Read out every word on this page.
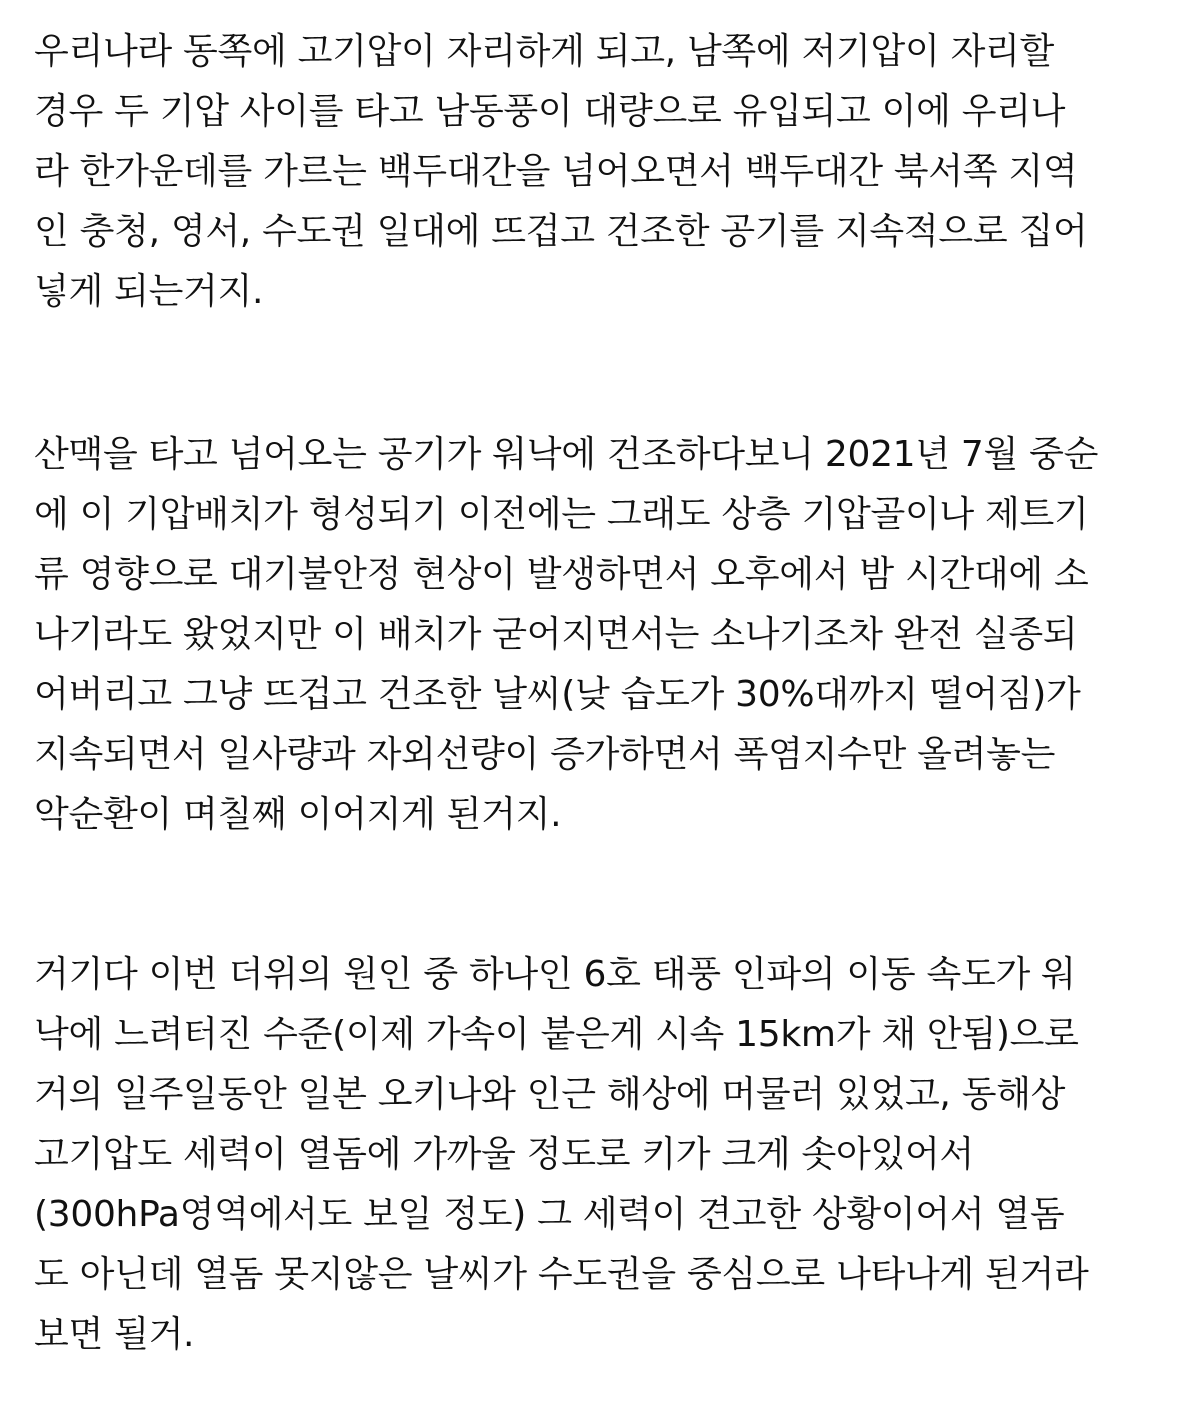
우리나라 동쪽에 고기압이 자리하게 되고, 남쪽에 저기압이 자리할
경우 두 기압 사이를 타고 남동풍이 대량으로 유입되고 이에 우리나
라 한가운데를 가르는 백두대간을 넘어오면서 백두대간 북서쪽 지역
인 충청, 영서, 수도권 일대에 뜨겁고 건조한 공기를 지속적으로 집어
넣게 되는거지.

산맥을 타고 넘어오는 공기가 워낙에 건조하다보니 2021년 7월 중순
에 이 기압배치가 형성되기 이전에는 그래도 상층 기압골이나 제트기
류 영향으로 대기불안정 현상이 발생하면서 오후에서 밤 시간대에 소
나기라도 왔었지만 이 배치가 굳어지면서는 소나기조차 완전 실종되
어버리고 그냥 뜨겁고 건조한 날씨(낮 습도가 30%대까지 떨어짐)가
지속되면서 일사량과 자외선량이 증가하면서 폭염지수만 올려놓는
악순환이 며칠째 이어지게 된거지.

거기다 이번 더위의 원인 중 하나인 6호 태풍 인파의 이동 속도가 워
낙에 느려터진 수준(이제 가속이 붙은게 시속 15km가 채 안됨)으로
거의 일주일동안 일본 오키나와 인근 해상에 머물러 있었고, 동해상
고기압도 세력이 열돔에 가까울 정도로 키가 크게 솟아있어서
(300hPa영역에서도 보일 정도) 그 세력이 견고한 상황이어서 열돔
도 아닌데 열돔 못지않은 날씨가 수도권을 중심으로 나타나게 된거라
보면 될거.
